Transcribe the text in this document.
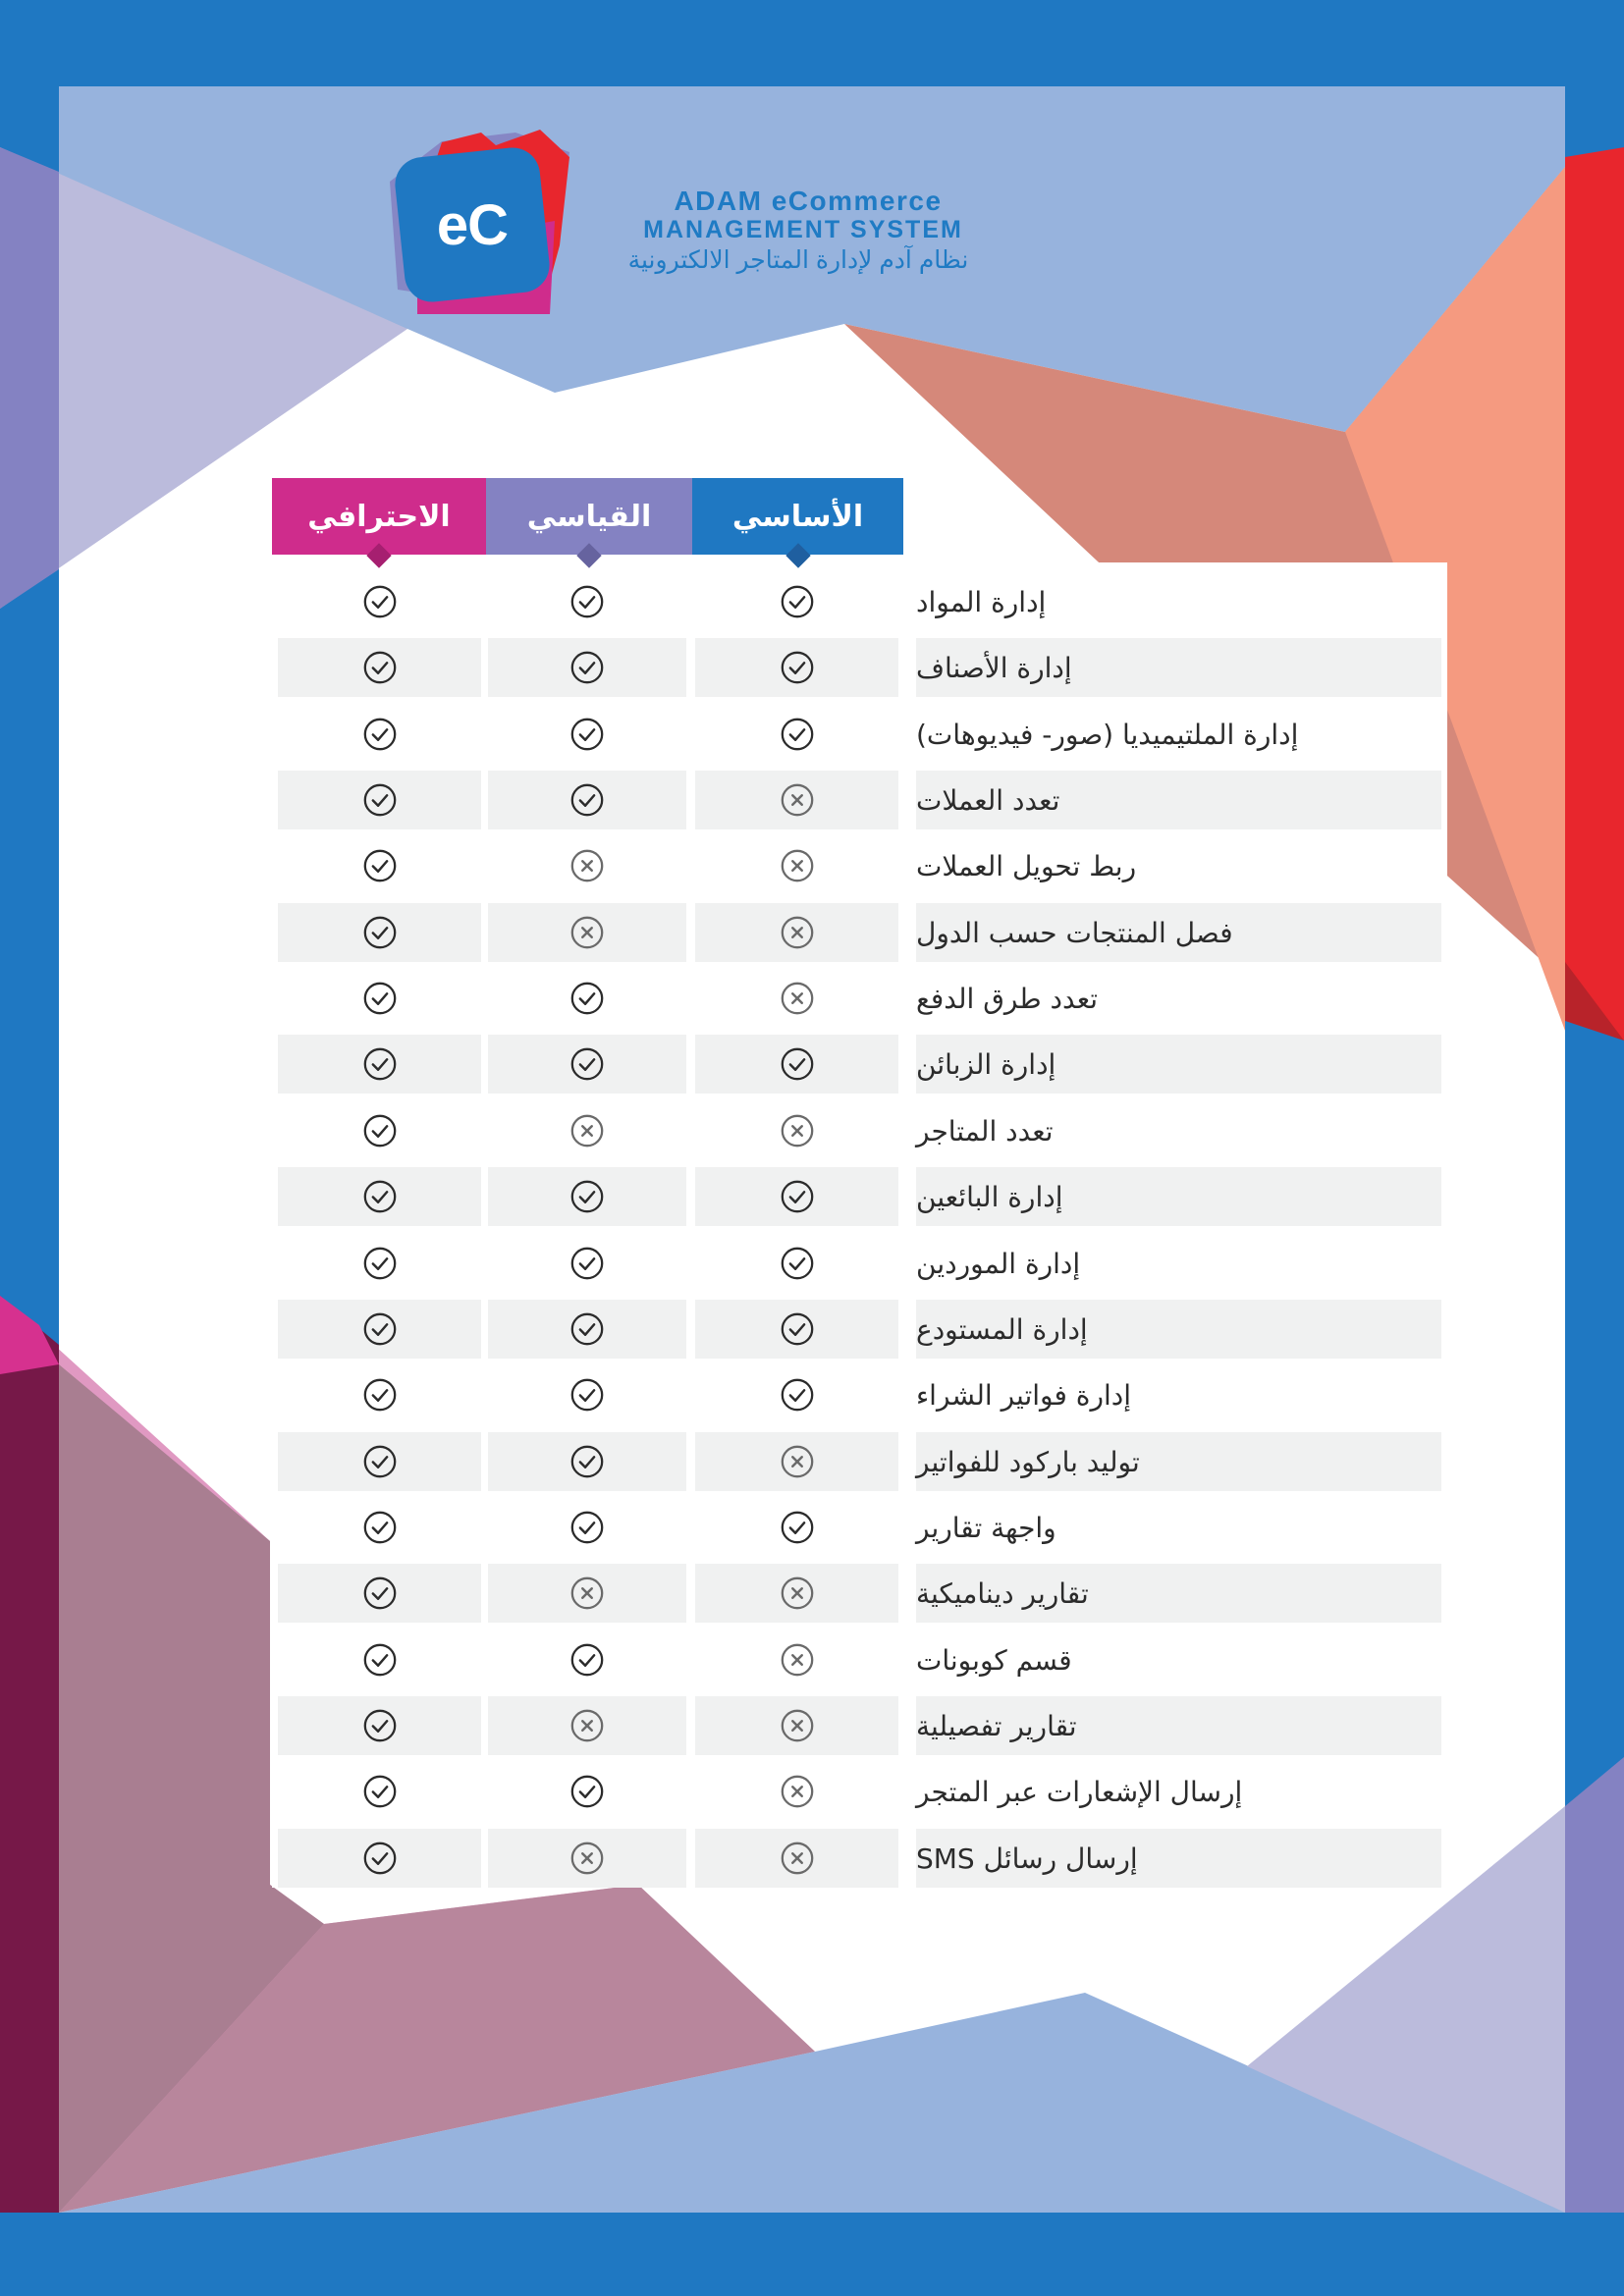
eC	ADAM eCommerce
MANAGEMENT SYSTEM
نظام آدم لإدارة المتاجر الالكترونية
الأساسي
القياسي
الاحترافي
إدارة المواد
إدارة الأصناف
إدارة الملتيميديا (صور- فيديوهات)
تعدد العملات
ربط تحويل العملات
فصل المنتجات حسب الدول
تعدد طرق الدفع
إدارة الزبائن
تعدد المتاجر
إدارة البائعين
إدارة الموردين
إدارة المستودع
إدارة فواتير الشراء
توليد باركود للفواتير
واجهة تقارير
تقارير ديناميكية
قسم كوبونات
تقارير تفصيلية
إرسال الإشعارات عبر المتجر
إرسال رسائل SMS
